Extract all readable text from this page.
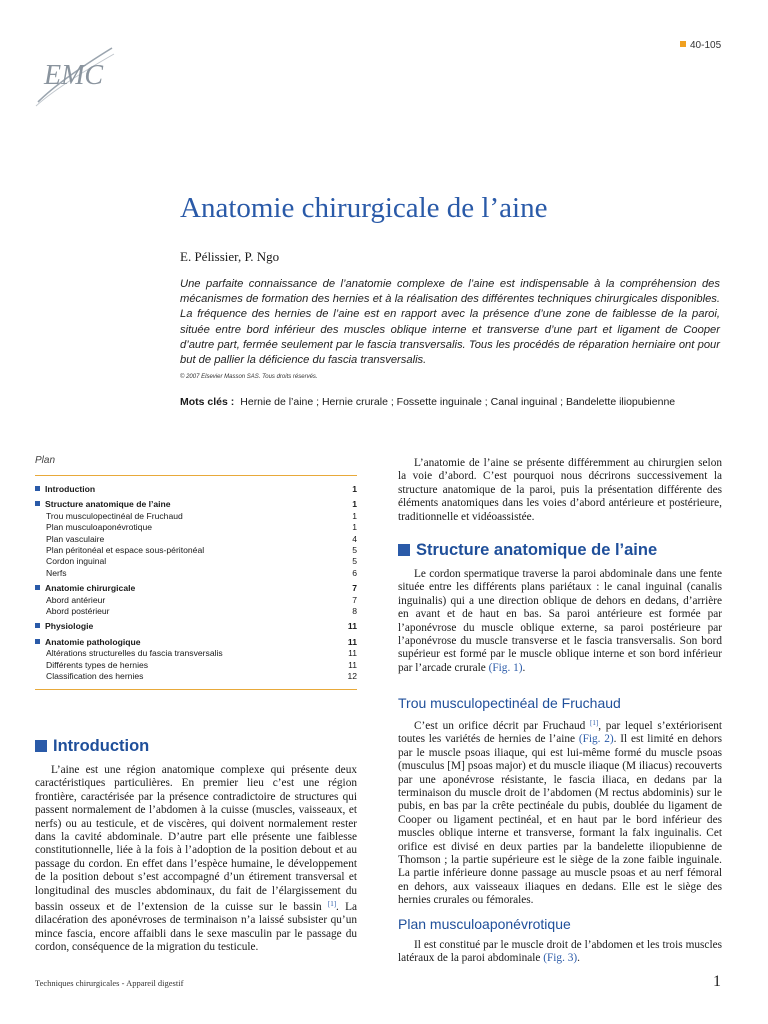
EMC
40-105
Anatomie chirurgicale de l’aine
E. Pélissier, P. Ngo
Une parfaite connaissance de l’anatomie complexe de l’aine est indispensable à la compréhension des mécanismes de formation des hernies et à la réalisation des différentes techniques chirurgicales disponibles. La fréquence des hernies de l’aine est en rapport avec la présence d’une zone de faiblesse de la paroi, située entre bord inférieur des muscles oblique interne et transverse d’une part et ligament de Cooper d’autre part, fermée seulement par le fascia transversalis. Tous les procédés de réparation herniaire ont pour but de pallier la déficience du fascia transversalis.
© 2007 Elsevier Masson SAS. Tous droits réservés.
Mots clés : Hernie de l’aine ; Hernie crurale ; Fossette inguinale ; Canal inguinal ; Bandelette iliopubienne
Plan
Introduction	1
Structure anatomique de l’aine	1
Trou musculopectinéal de Fruchaud	1
Plan musculoaponévrotique	1
Plan vasculaire	4
Plan péritonéal et espace sous-péritonéal	5
Cordon inguinal	5
Nerfs	6
Anatomie chirurgicale	7
Abord antérieur	7
Abord postérieur	8
Physiologie	11
Anatomie pathologique	11
Altérations structurelles du fascia transversalis	11
Différents types de hernies	11
Classification des hernies	12
Introduction
L’aine est une région anatomique complexe qui présente deux caractéristiques particulières. En premier lieu c’est une région frontière, caractérisée par la présence contradictoire de structures qui passent normalement de l’abdomen à la cuisse (muscles, vaisseaux, et nerfs) ou au testicule, et de viscères, qui doivent normalement rester dans la cavité abdominale. D’autre part elle présente une faiblesse constitutionnelle, liée à la fois à l’adoption de la position debout et au passage du cordon. En effet dans l’espèce humaine, le développement de la position debout s’est accompagné d’un étirement transversal et longitudinal des muscles abdominaux, du fait de l’élargissement du bassin osseux et de l’extension de la cuisse sur le bassin [1]. La dilacération des aponévroses de terminaison n’a laissé subsister qu’un mince fascia, encore affaibli dans le sexe masculin par le passage du cordon, conséquence de la migration du testicule.
L’anatomie de l’aine se présente différemment au chirurgien selon la voie d’abord. C’est pourquoi nous décrirons successivement la structure anatomique de la paroi, puis la présentation différente des éléments anatomiques dans les voies d’abord antérieure et postérieure, traditionnelle et vidéoassistée.
Structure anatomique de l’aine
Le cordon spermatique traverse la paroi abdominale dans une fente située entre les différents plans pariétaux : le canal inguinal (canalis inguinalis) qui a une direction oblique de dehors en dedans, d’arrière en avant et de haut en bas. Sa paroi antérieure est formée par l’aponévrose du muscle oblique externe, sa paroi postérieure par l’aponévrose du muscle transverse et le fascia transversalis. Son bord supérieur est formé par le muscle oblique interne et son bord inférieur par l’arcade crurale (Fig. 1).
Trou musculopectinéal de Fruchaud
C’est un orifice décrit par Fruchaud [1], par lequel s’extériorisent toutes les variétés de hernies de l’aine (Fig. 2). Il est limité en dehors par le muscle psoas iliaque, qui est lui-même formé du muscle psoas (musculus [M] psoas major) et du muscle iliaque (M iliacus) recouverts par une aponévrose résistante, le fascia iliaca, en dedans par la terminaison du muscle droit de l’abdomen (M rectus abdominis) sur le pubis, en bas par la crête pectinéale du pubis, doublée du ligament de Cooper ou ligament pectinéal, et en haut par le bord inférieur des muscles oblique interne et transverse, formant la falx inguinalis. Cet orifice est divisé en deux parties par la bandelette iliopubienne de Thomson ; la partie supérieure est le siège de la zone faible inguinale. La partie inférieure donne passage au muscle psoas et au nerf fémoral en dehors, aux vaisseaux iliaques en dedans. Elle est le siège des hernies crurales ou fémorales.
Plan musculoaponévrotique
Il est constitué par le muscle droit de l’abdomen et les trois muscles latéraux de la paroi abdominale (Fig. 3).
Techniques chirurgicales - Appareil digestif	1
